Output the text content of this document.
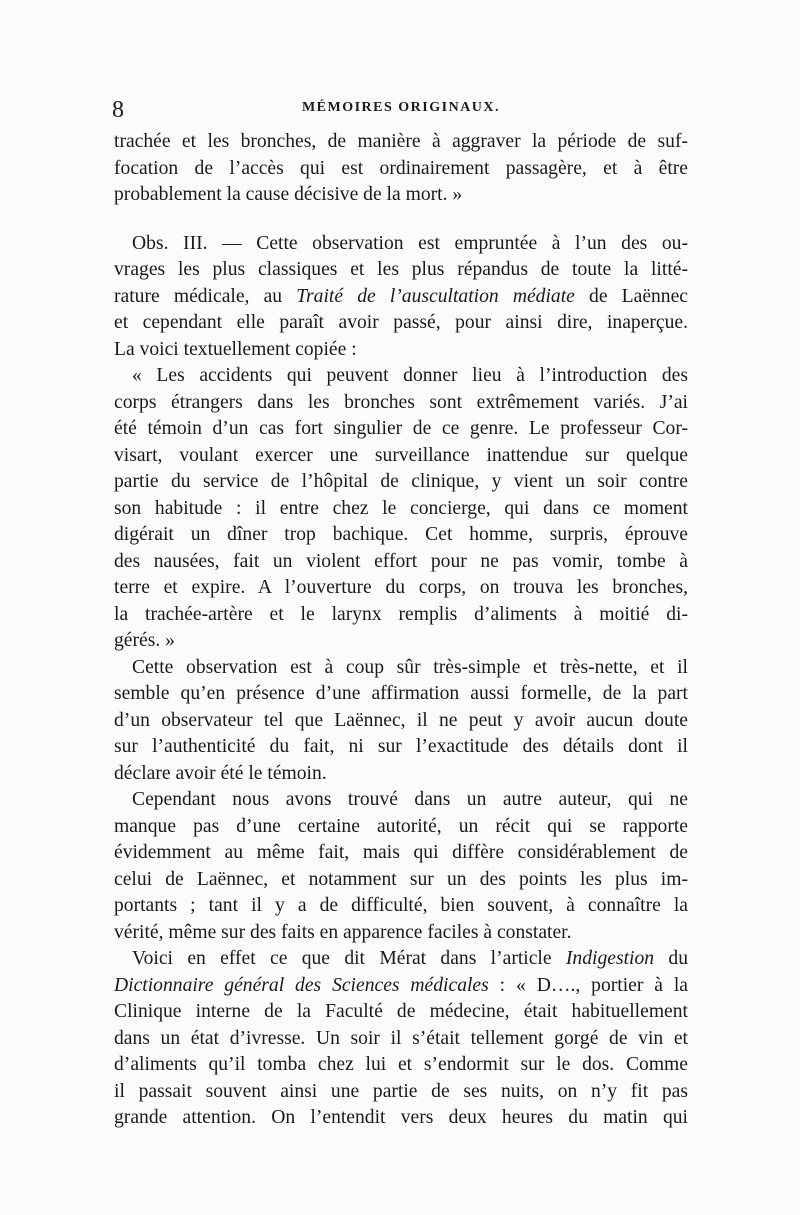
8	MÉMOIRES ORIGINAUX.
trachée et les bronches, de manière à aggraver la période de suf-
focation de l’accès qui est ordinairement passagère, et à être
probablement la cause décisive de la mort. »
Obs. III. — Cette observation est empruntée à l’un des ou-
vrages les plus classiques et les plus répandus de toute la litté-
rature médicale, au Traité de l’auscultation médiate de Laënnec
et cependant elle paraît avoir passé, pour ainsi dire, inaperçue.
La voici textuellement copiée :
« Les accidents qui peuvent donner lieu à l’introduction des
corps étrangers dans les bronches sont extrêmement variés. J’ai
été témoin d’un cas fort singulier de ce genre. Le professeur Cor-
visart, voulant exercer une surveillance inattendue sur quelque
partie du service de l’hôpital de clinique, y vient un soir contre
son habitude : il entre chez le concierge, qui dans ce moment
digérait un dîner trop bachique. Cet homme, surpris, éprouve
des nausées, fait un violent effort pour ne pas vomir, tombe à
terre et expire. A l’ouverture du corps, on trouva les bronches,
la trachée-artère et le larynx remplis d’aliments à moitié di-
gérés. »
Cette observation est à coup sûr très-simple et très-nette, et il
semble qu’en présence d’une affirmation aussi formelle, de la part
d’un observateur tel que Laënnec, il ne peut y avoir aucun doute
sur l’authenticité du fait, ni sur l’exactitude des détails dont il
déclare avoir été le témoin.
Cependant nous avons trouvé dans un autre auteur, qui ne
manque pas d’une certaine autorité, un récit qui se rapporte
évidemment au même fait, mais qui diffère considérablement de
celui de Laënnec, et notamment sur un des points les plus im-
portants ; tant il y a de difficulté, bien souvent, à connaître la
vérité, même sur des faits en apparence faciles à constater.
Voici en effet ce que dit Mérat dans l’article Indigestion du
Dictionnaire général des Sciences médicales : « D…., portier à la
Clinique interne de la Faculté de médecine, était habituellement
dans un état d’ivresse. Un soir il s’était tellement gorgé de vin et
d’aliments qu’il tomba chez lui et s’endormit sur le dos. Comme
il passait souvent ainsi une partie de ses nuits, on n’y fit pas
grande attention. On l’entendit vers deux heures du matin qui
